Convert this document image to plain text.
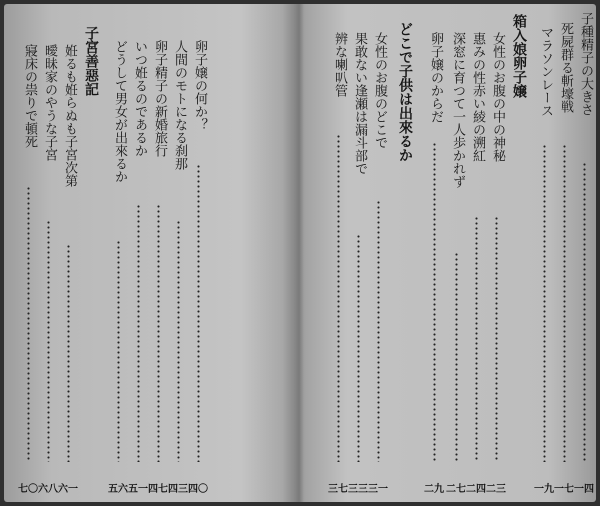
子種精子の大きさ
一四
死屍群る斬壕戦
一七
マラソンレース
一九
箱入娘卵子嬢
女性のお腹の中の神秘
二三
惠みの性赤い綾の溯紅
二四
深窓に育つて一人歩かれず
二七
卵子嬢のからだ
二九
どこで子供は出來るか
女性のお腹のどこで
三一
果敢ない逢瀬は漏斗部で
三三
辨な喇叭管
三七
卵子嬢の何か？
四〇
人間のモトになる刹那
四三
卵子精子の新婚旅行
四七
いつ姙るのであるか
五一
どうして男女が出來るか
五六
子宮善惡記
姙るも姙らぬも子宮次第
六一
曖昧家のやうな子宮
六八
寢床の祟りで頓死
七〇
